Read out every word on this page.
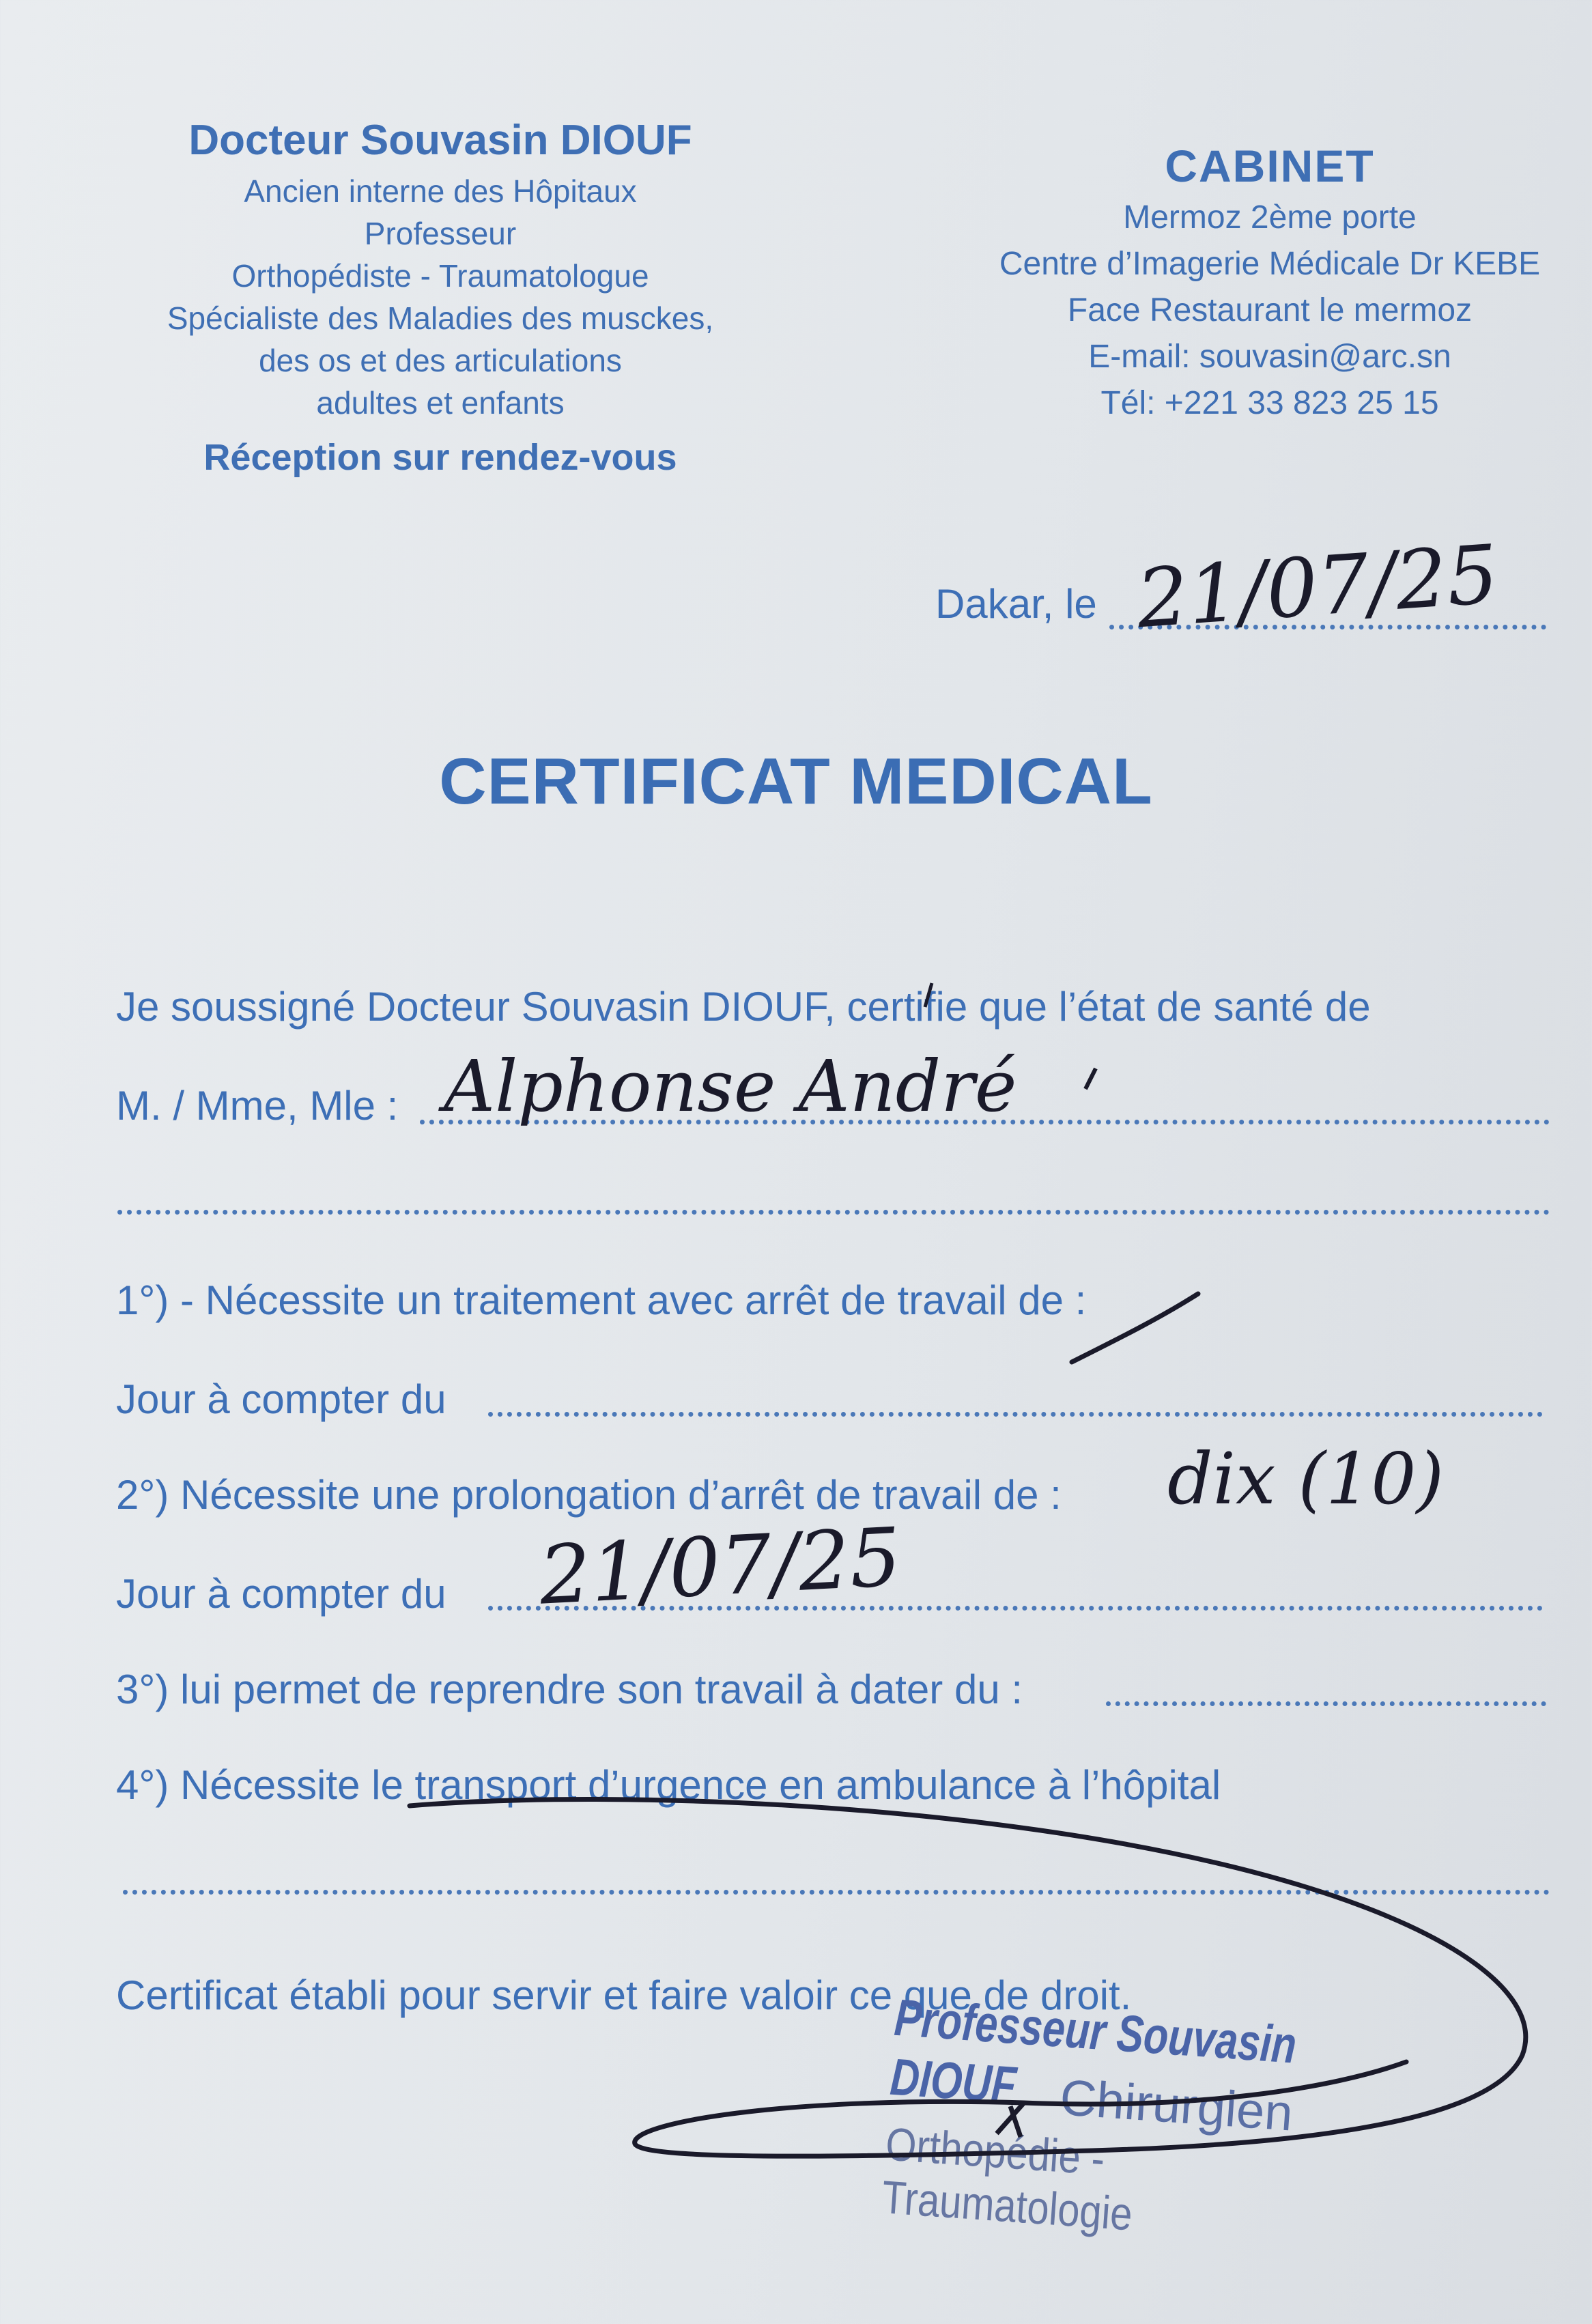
Docteur Souvasin DIOUF
Ancien interne des Hôpitaux
Professeur
Orthopédiste - Traumatologue
Spécialiste des Maladies des musckes,
des os et des articulations
adultes et enfants
Réception sur rendez-vous
CABINET
Mermoz 2ème porte
Centre d’Imagerie Médicale Dr KEBE
Face Restaurant le mermoz
E-mail: souvasin@arc.sn
Tél: +221 33 823 25 15
Dakar, le 21/07/25
CERTIFICAT MEDICAL
Je soussigné Docteur Souvasin DIOUF, certifie que l’état de santé de
M. / Mme, Mle : Alphonse André
1°) - Nécessite un traitement avec arrêt de travail de :
Jour à compter du
2°) Nécessite une prolongation d’arrêt de travail de : dix (10)
Jour à compter du 21/07/25
3°) lui permet de reprendre son travail à dater du :
4°) Nécessite le transport d’urgence en ambulance à l’hôpital
Certificat établi pour servir et faire valoir ce que de droit.
Professeur Souvasin DIOUF Chirurgien
Orthopédie - Traumatologie
